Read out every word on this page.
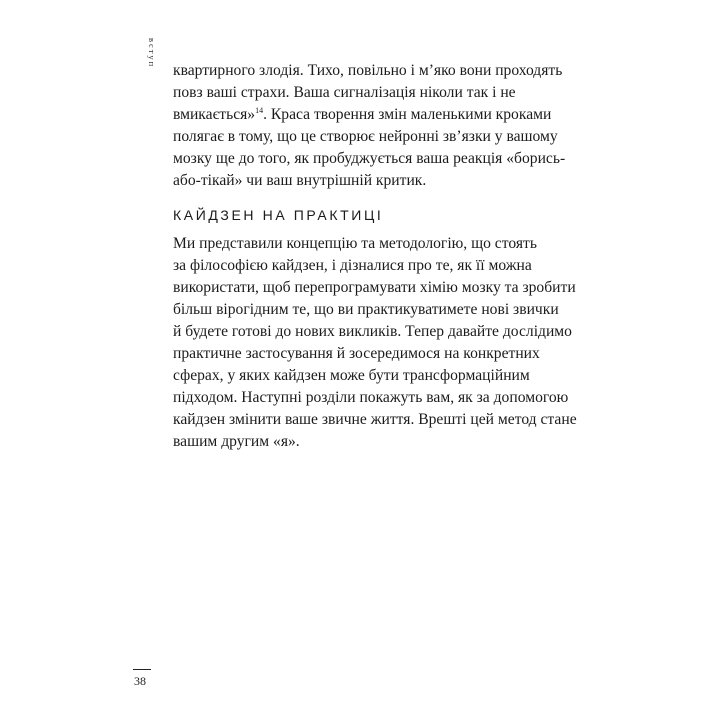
вступ
квартирного злодія. Тихо, повільно і м’яко вони проходять
повз ваші страхи. Ваша сигналізація ніколи так і не
вмикається»$^{14}$. Краса творення змін маленькими кроками
полягає в тому, що це створює нейронні зв’язки у вашому
мозку ще до того, як пробуджується ваша реакція «борись-
або-тікай» чи ваш внутрішній критик.
КАЙДЗЕН НА ПРАКТИЦІ
Ми представили концепцію та методологію, що стоять
за філософією кайдзен, і дізналися про те, як її можна
використати, щоб перепрограмувати хімію мозку та зробити
більш вірогідним те, що ви практикуватимете нові звички
й будете готові до нових викликів. Тепер давайте дослідимо
практичне застосування й зосередимося на конкретних
сферах, у яких кайдзен може бути трансформаційним
підходом. Наступні розділи покажуть вам, як за допомогою
кайдзен змінити ваше звичне життя. Врешті цей метод стане
вашим другим «я».
38
